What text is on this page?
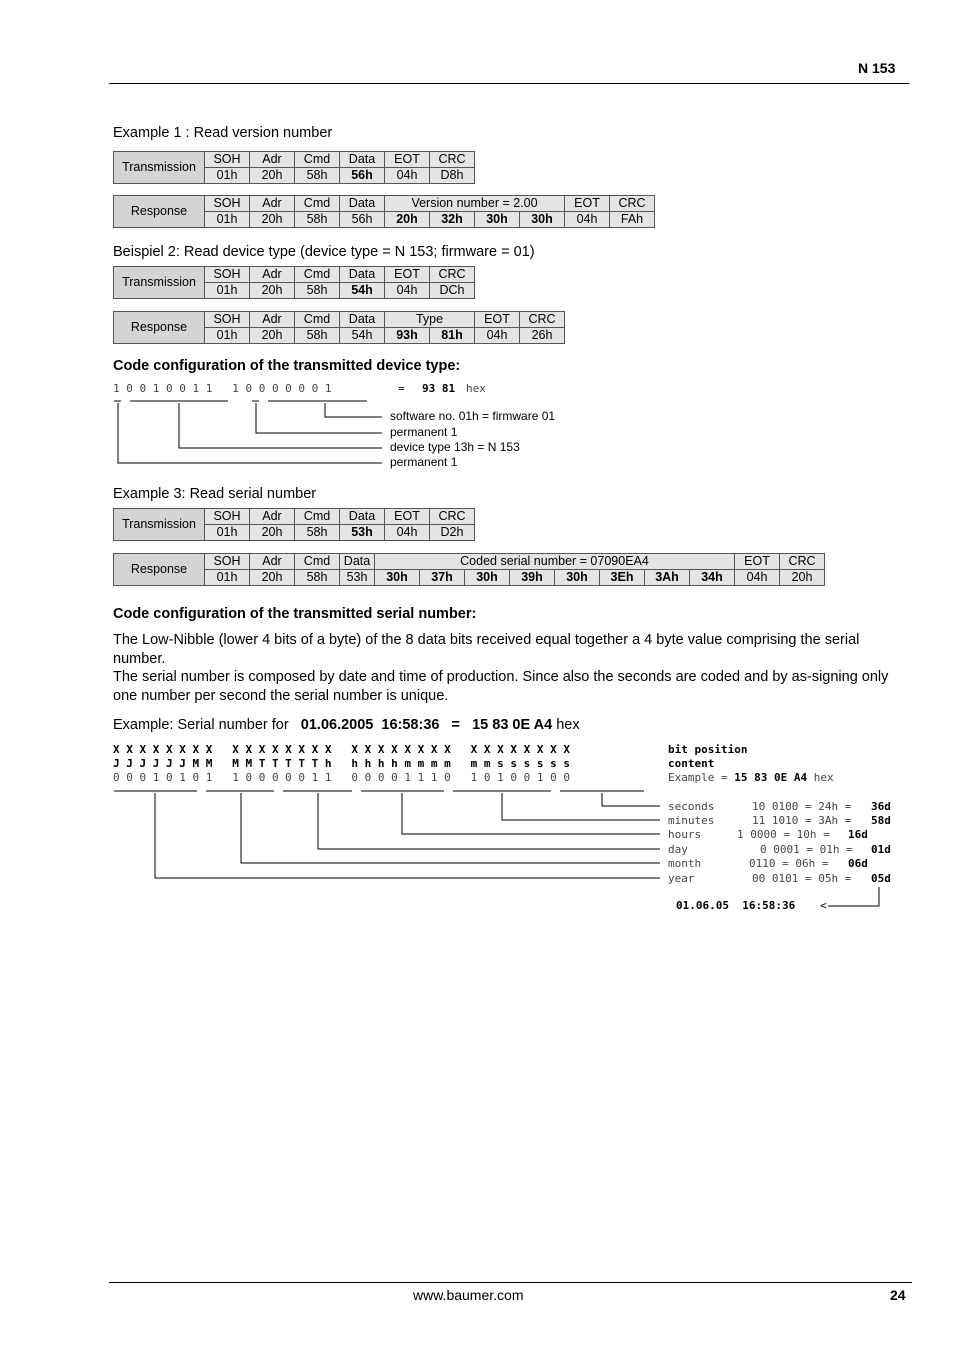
N 153
Example 1 : Read version number
Transmission	SOH	Adr	Cmd	Data	EOT	CRC
	01h	20h	58h	56h	04h	D8h
Response	SOH	Adr	Cmd	Data	Version number = 2.00				EOT	CRC
	01h	20h	58h	56h	20h	32h	30h	30h	04h	FAh
Beispiel 2: Read device type (device type = N 153; firmware = 01)
Transmission	SOH	Adr	Cmd	Data	EOT	CRC
	01h	20h	58h	54h	04h	DCh
Response	SOH	Adr	Cmd	Data	Type		EOT	CRC
	01h	20h	58h	54h	93h	81h	04h	26h
Code configuration of the transmitted device type:
1 0 0 1 0 0 1 1   1 0 0 0 0 0 0 1	= 93 81 hex
software no. 01h = firmware 01
permanent 1
device type 13h = N 153
permanent 1
Example 3: Read serial number
Transmission	SOH	Adr	Cmd	Data	EOT	CRC
	01h	20h	58h	53h	04h	D2h
Response	SOH	Adr	Cmd	Data	Coded serial number = 07090EA4								EOT	CRC
	01h	20h	58h	53h	30h	37h	30h	39h	30h	3Eh	3Ah	34h	04h	20h
Code configuration of the transmitted serial number:
The Low-Nibble (lower 4 bits of a byte) of the 8 data bits received equal together a 4 byte value comprising the serial number.
The serial number is composed by date and time of production. Since also the seconds are coded and by as-signing only one number per second the serial number is unique.
Example: Serial number for 01.06.2005  16:58:36 = 15 83 0E A4 hex
X X X X X X X X   X X X X X X X X   X X X X X X X X   X X X X X X X X
J J J J J J M M   M M T T T T T h   h h h h m m m m   m m s s s s s s
0 0 0 1 0 1 0 1   1 0 0 0 0 0 1 1   0 0 0 0 1 1 1 0   1 0 1 0 0 1 0 0
bit position
content
Example = 15 83 0E A4 hex
seconds	10 0100 = 24h = 36d
minutes	11 1010 = 3Ah = 58d
hours	1 0000 = 10h = 16d
day	0 0001 = 01h = 01d
month	0110 = 06h = 06d
year	00 0101 = 05h = 05d
01.06.05  16:58:36 <
www.baumer.com	24
